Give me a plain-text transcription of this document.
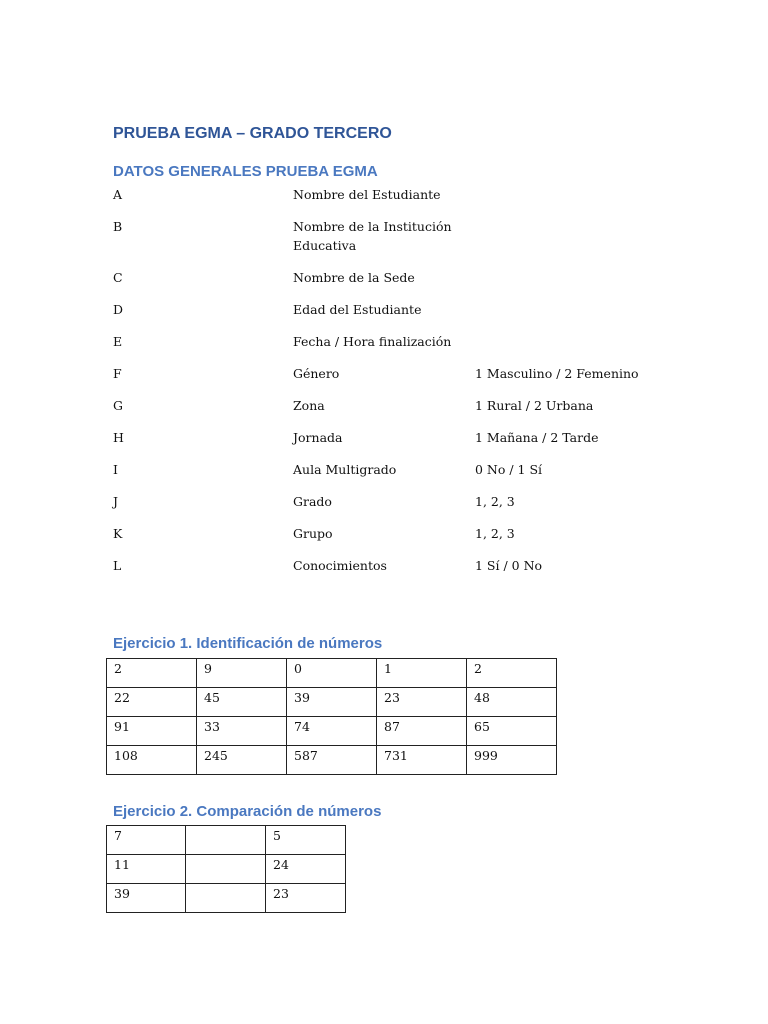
PRUEBA EGMA – GRADO TERCERO
DATOS GENERALES PRUEBA EGMA
A	Nombre del Estudiante
B	Nombre de la Institución Educativa
C	Nombre de la Sede
D	Edad del Estudiante
E	Fecha / Hora finalización
F	Género	1 Masculino / 2 Femenino
G	Zona	1 Rural / 2 Urbana
H	Jornada	1 Mañana / 2 Tarde
I	Aula Multigrado	0 No / 1 Sí
J	Grado	1, 2, 3
K	Grupo	1, 2, 3
L	Conocimientos	1 Sí / 0 No
Ejercicio 1. Identificación de números
2	9	0	1	2
22	45	39	23	48
91	33	74	87	65
108	245	587	731	999
Ejercicio 2. Comparación de números
7		5
11		24
39		23
